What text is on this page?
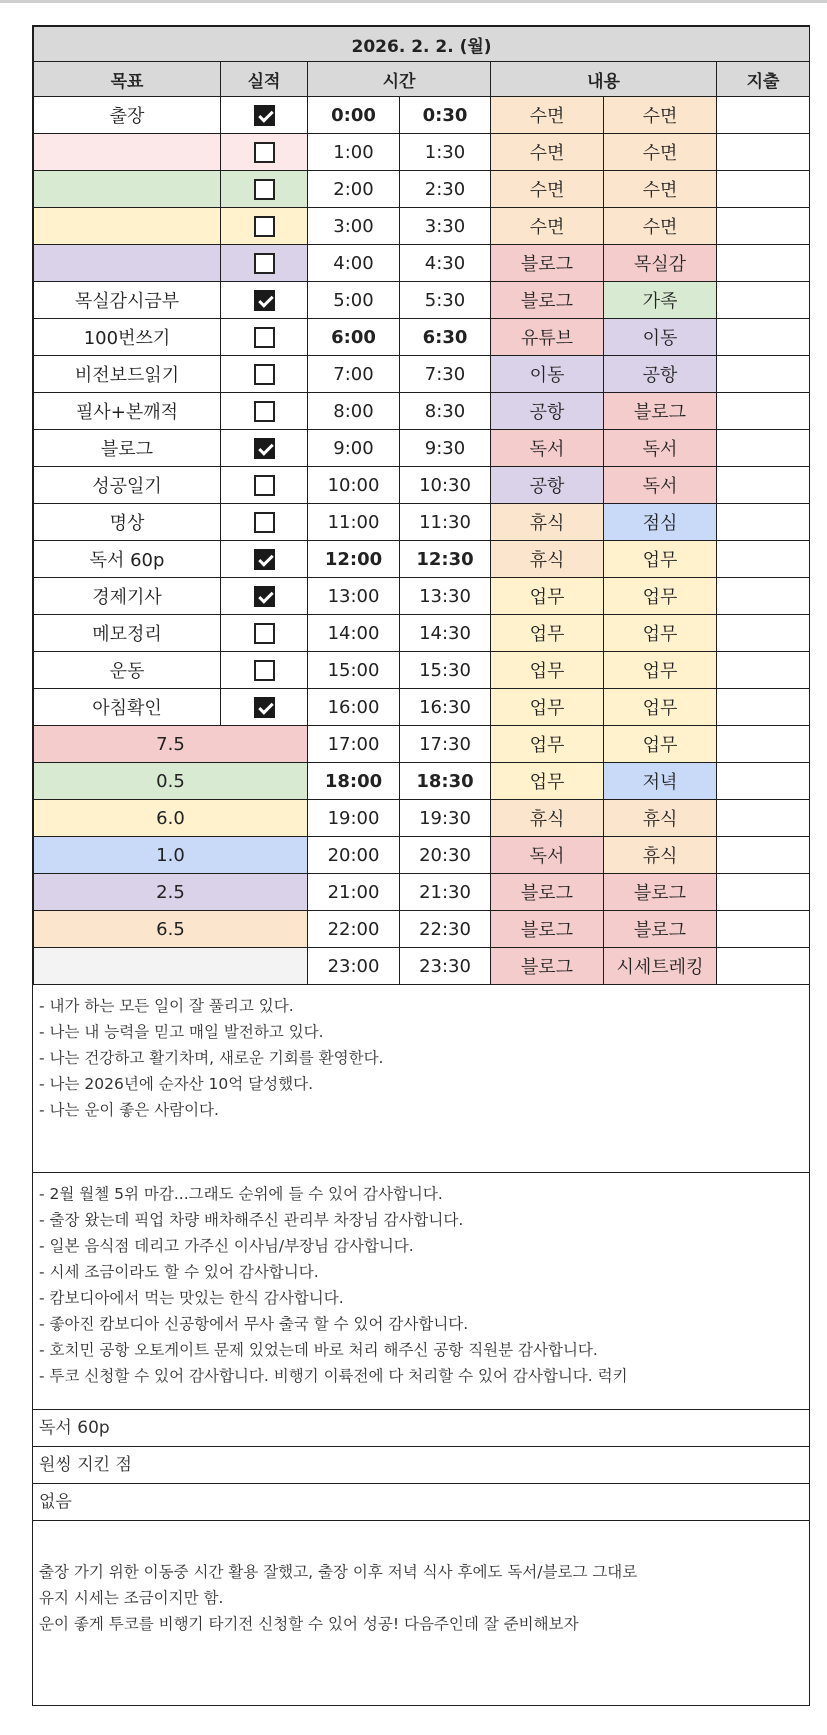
2026. 2. 2. (월)						
목표	실적	시간		내용		지출
출장		0:00	0:30	수면	수면	
		1:00	1:30	수면	수면	
		2:00	2:30	수면	수면	
		3:00	3:30	수면	수면	
		4:00	4:30	블로그	목실감	
목실감시금부		5:00	5:30	블로그	가족	
100번쓰기		6:00	6:30	유튜브	이동	
비전보드읽기		7:00	7:30	이동	공항	
필사+본깨적		8:00	8:30	공항	블로그	
블로그		9:00	9:30	독서	독서	
성공일기		10:00	10:30	공항	독서	
명상		11:00	11:30	휴식	점심	
독서 60p		12:00	12:30	휴식	업무	
경제기사		13:00	13:30	업무	업무	
메모정리		14:00	14:30	업무	업무	
운동		15:00	15:30	업무	업무	
아침확인		16:00	16:30	업무	업무	
7.5		17:00	17:30	업무	업무	
0.5		18:00	18:30	업무	저녁	
6.0		19:00	19:30	휴식	휴식	
1.0		20:00	20:30	독서	휴식	
2.5		21:00	21:30	블로그	블로그	
6.5		22:00	22:30	블로그	블로그	
		23:00	23:30	블로그	시세트레킹	
- 내가 하는 모든 일이 잘 풀리고 있다.
- 나는 내 능력을 믿고 매일 발전하고 있다.
- 나는 건강하고 활기차며, 새로운 기회를 환영한다.
- 나는 2026년에 순자산 10억 달성했다.
- 나는 운이 좋은 사람이다.
- 2월 월첼 5위 마감...그래도 순위에 들 수 있어 감사합니다.
- 출장 왔는데 픽업 차량 배차해주신 관리부 차장님 감사합니다.
- 일본 음식점 데리고 가주신 이사님/부장님 감사합니다.
- 시세 조금이라도 할 수 있어 감사합니다.
- 캄보디아에서 먹는 맛있는 한식 감사합니다.
- 좋아진 캄보디아 신공항에서 무사 출국 할 수 있어 감사합니다.
- 호치민 공항 오토게이트 문제 있었는데 바로 처리 해주신 공항 직원분 감사합니다.
- 투코 신청할 수 있어 감사합니다. 비행기 이륙전에 다 처리할 수 있어 감사합니다. 럭키
독서 60p
원씽 지킨 점
없음
출장 가기 위한 이동중 시간 활용 잘했고, 출장 이후 저녁 식사 후에도 독서/블로그 그대로
유지 시세는 조금이지만 함.
운이 좋게 투코를 비행기 타기전 신청할 수 있어 성공! 다음주인데 잘 준비해보자
